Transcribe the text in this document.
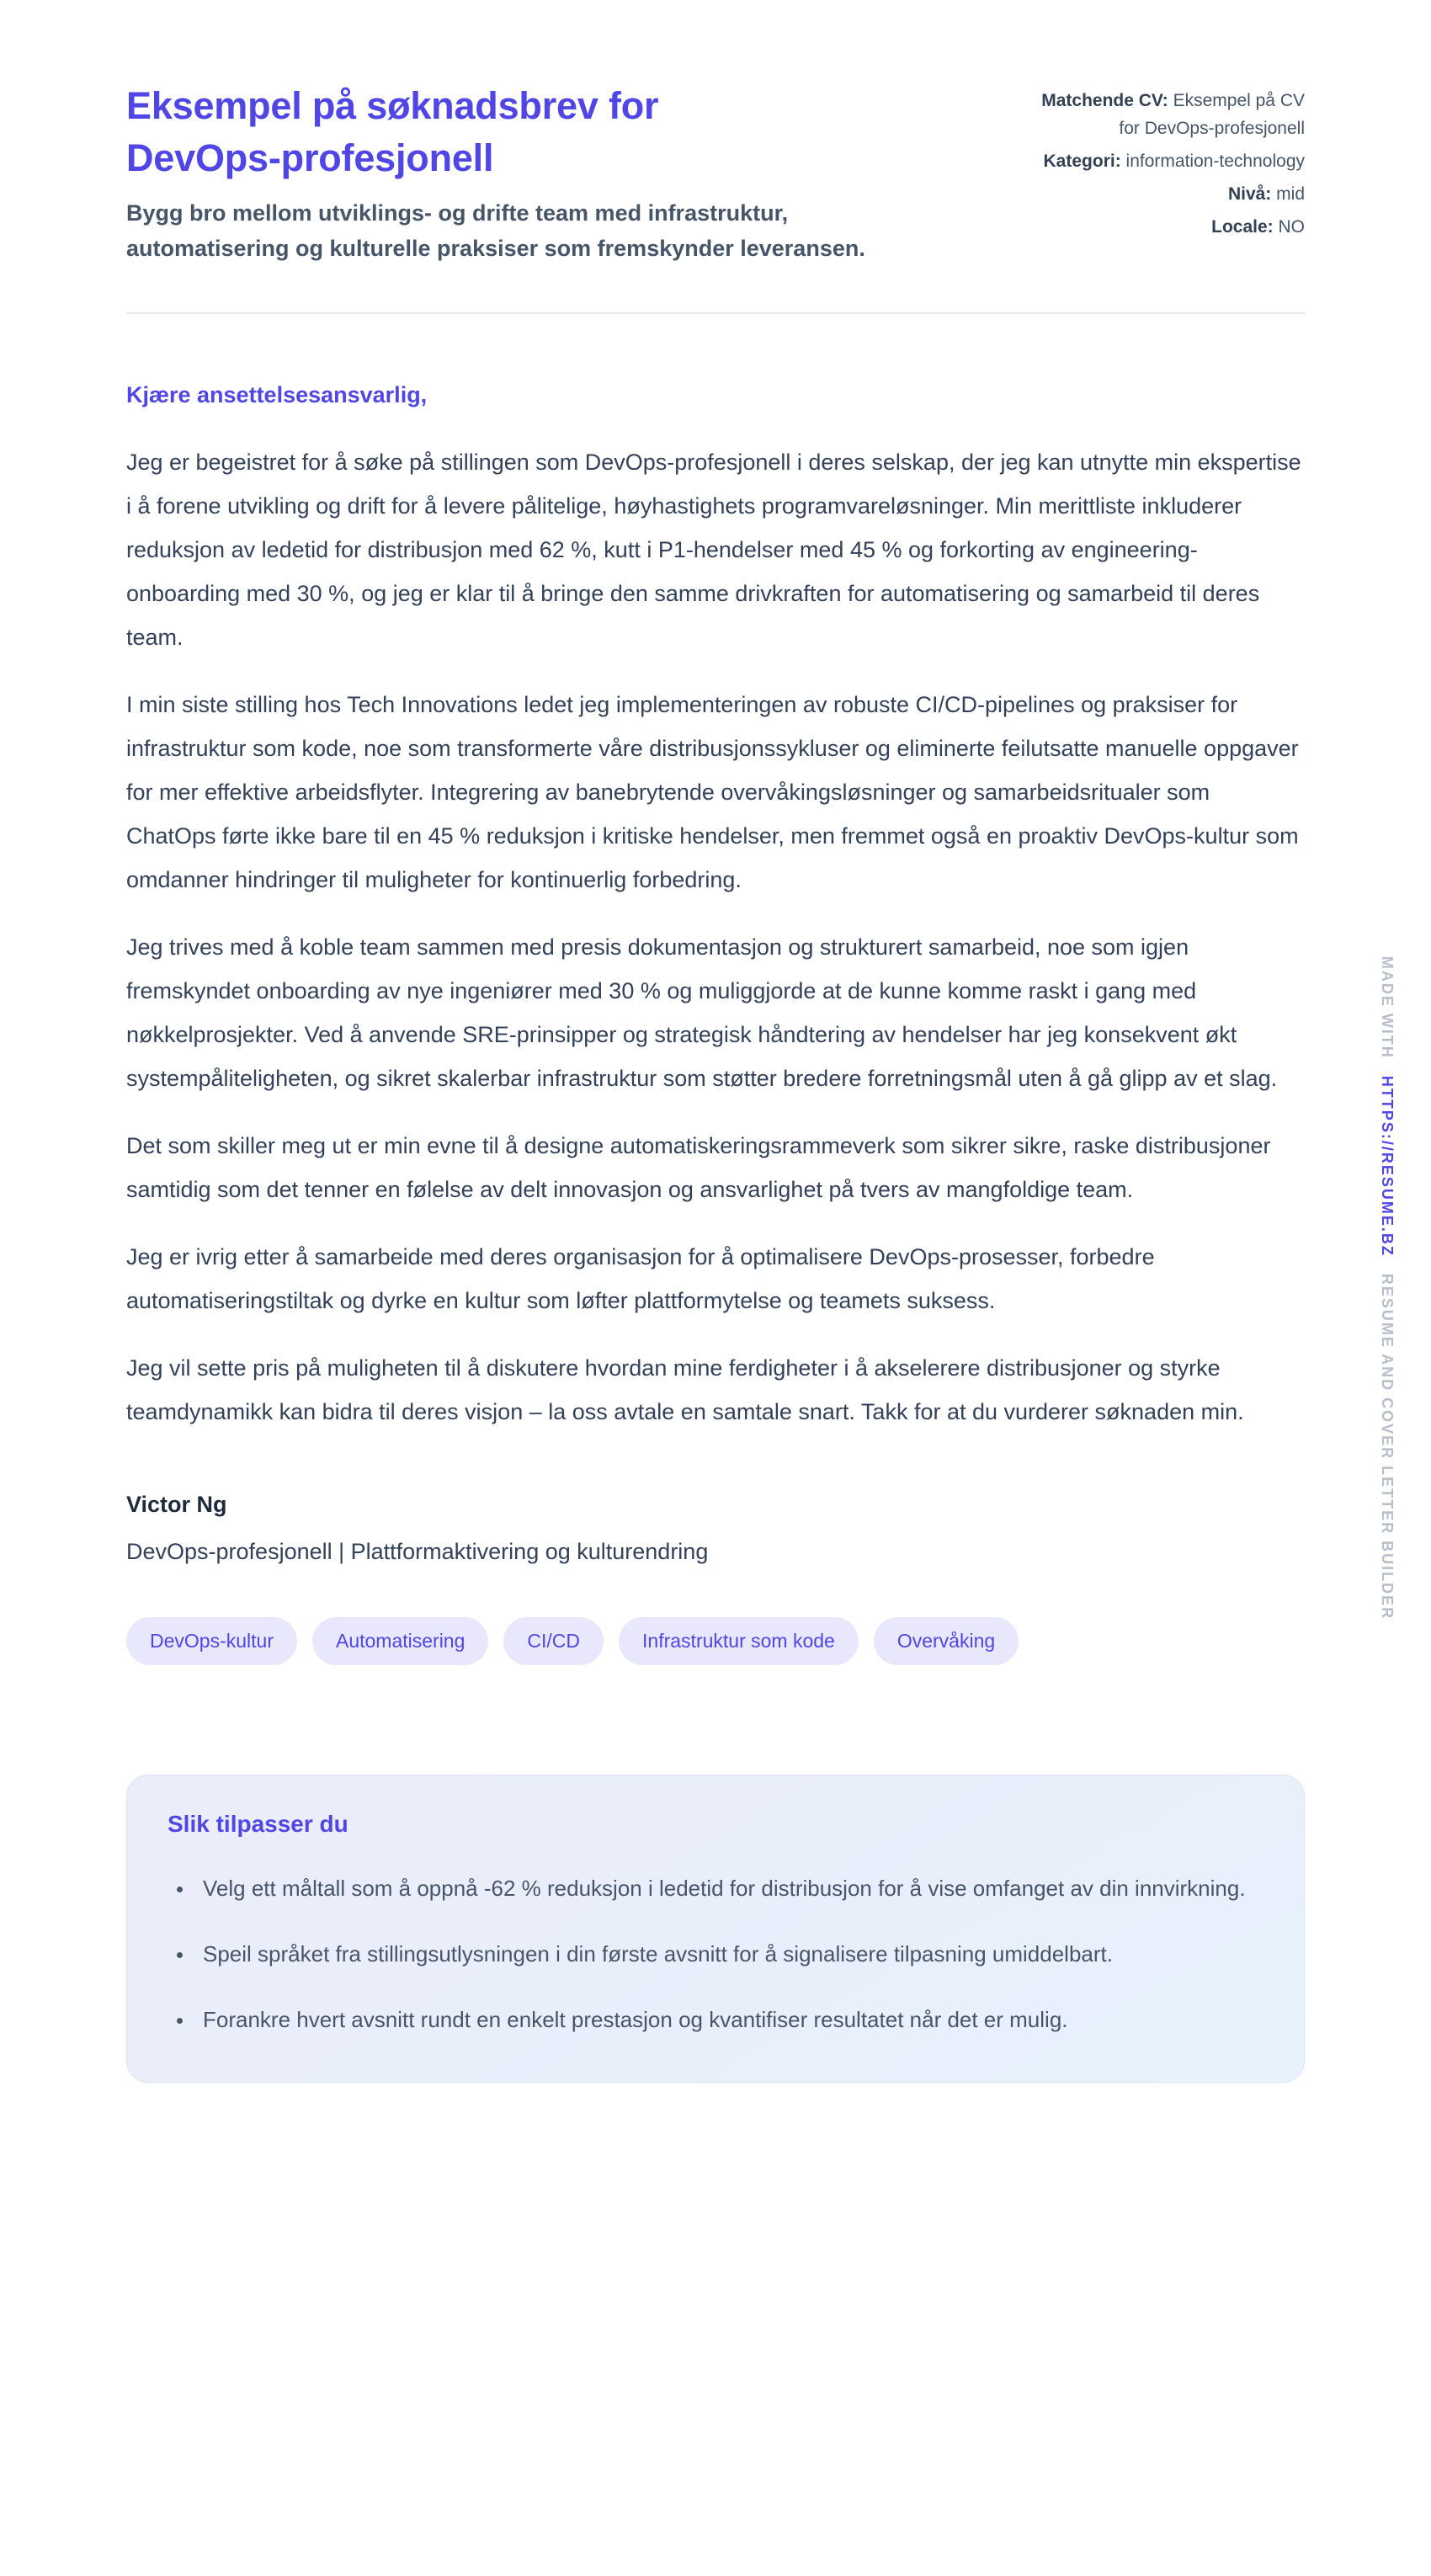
Eksempel på søknadsbrev for DevOps-profesjonell

Bygg bro mellom utviklings- og drifte team med infrastruktur, automatisering og kulturelle praksiser som fremskynder leveransen.

Matchende CV: Eksempel på CV for DevOps-profesjonell
Kategori: information-technology
Nivå: mid
Locale: NO

Kjære ansettelsesansvarlig,

Jeg er begeistret for å søke på stillingen som DevOps-profesjonell i deres selskap, der jeg kan utnytte min ekspertise i å forene utvikling og drift for å levere pålitelige, høyhastighets programvareløsninger. Min merittliste inkluderer reduksjon av ledetid for distribusjon med 62 %, kutt i P1-hendelser med 45 % og forkorting av engineering-onboarding med 30 %, og jeg er klar til å bringe den samme drivkraften for automatisering og samarbeid til deres team.

I min siste stilling hos Tech Innovations ledet jeg implementeringen av robuste CI/CD-pipelines og praksiser for infrastruktur som kode, noe som transformerte våre distribusjonssykluser og eliminerte feilutsatte manuelle oppgaver for mer effektive arbeidsflyter. Integrering av banebrytende overvåkingsløsninger og samarbeidsritualer som ChatOps førte ikke bare til en 45 % reduksjon i kritiske hendelser, men fremmet også en proaktiv DevOps-kultur som omdanner hindringer til muligheter for kontinuerlig forbedring.

Jeg trives med å koble team sammen med presis dokumentasjon og strukturert samarbeid, noe som igjen fremskyndet onboarding av nye ingeniører med 30 % og muliggjorde at de kunne komme raskt i gang med nøkkelprosjekter. Ved å anvende SRE-prinsipper og strategisk håndtering av hendelser har jeg konsekvent økt systempåliteligheten, og sikret skalerbar infrastruktur som støtter bredere forretningsmål uten å gå glipp av et slag.

Det som skiller meg ut er min evne til å designe automatiskeringsrammeverk som sikrer sikre, raske distribusjoner samtidig som det tenner en følelse av delt innovasjon og ansvarlighet på tvers av mangfoldige team.

Jeg er ivrig etter å samarbeide med deres organisasjon for å optimalisere DevOps-prosesser, forbedre automatiseringstiltak og dyrke en kultur som løfter plattformytelse og teamets suksess.

Jeg vil sette pris på muligheten til å diskutere hvordan mine ferdigheter i å akselerere distribusjoner og styrke teamdynamikk kan bidra til deres visjon – la oss avtale en samtale snart. Takk for at du vurderer søknaden min.

Victor Ng

DevOps-profesjonell | Plattformaktivering og kulturendring

DevOps-kultur	Automatisering	CI/CD	Infrastruktur som kode	Overvåking
Slik tilpasser du
• Velg ett måltall som å oppnå -62 % reduksjon i ledetid for distribusjon for å vise omfanget av din innvirkning.
• Speil språket fra stillingsutlysningen i din første avsnitt for å signalisere tilpasning umiddelbart.
• Forankre hvert avsnitt rundt en enkelt prestasjon og kvantifiser resultatet når det er mulig.
MADE WITH
HTTPS://RESUME.BZ
RESUME AND COVER LETTER BUILDER
